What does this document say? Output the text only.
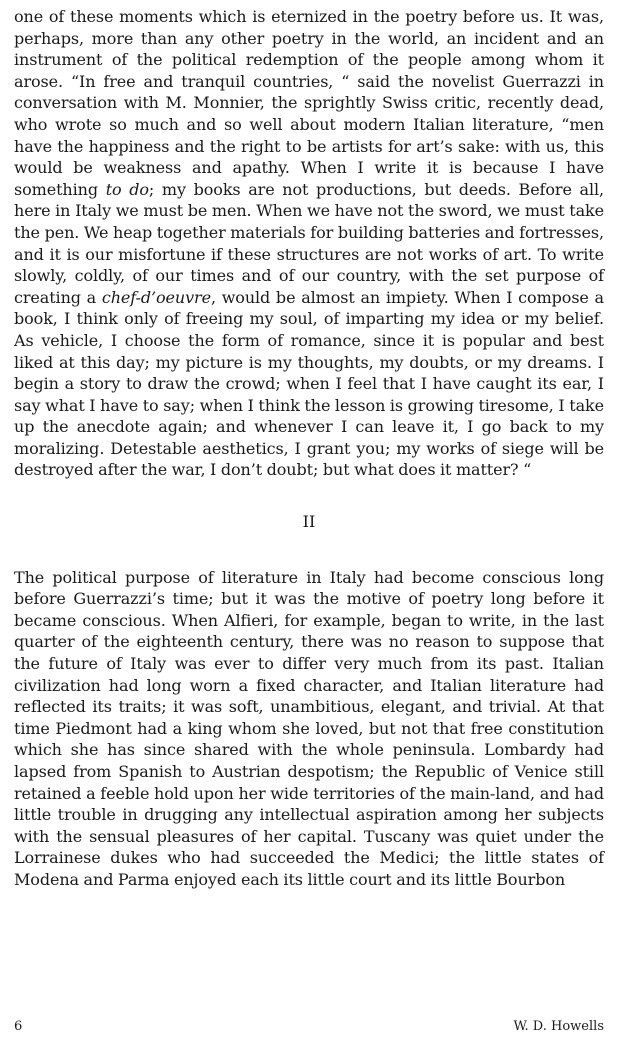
one of these moments which is eternized in the poetry before us. It was, perhaps, more than any other poetry in the world, an incident and an instrument of the political redemption of the people among whom it arose. “In free and tranquil countries, “ said the novelist Guerrazzi in conversation with M. Monnier, the sprightly Swiss critic, recently dead, who wrote so much and so well about modern Italian literature, “men have the happiness and the right to be artists for art’s sake: with us, this would be weakness and apathy. When I write it is because I have something to do; my books are not productions, but deeds. Before all, here in Italy we must be men. When we have not the sword, we must take the pen. We heap together materials for building batteries and fortresses, and it is our misfortune if these structures are not works of art. To write slowly, coldly, of our times and of our country, with the set purpose of creating a chef-d’oeuvre, would be almost an impiety. When I compose a book, I think only of freeing my soul, of imparting my idea or my belief. As vehicle, I choose the form of romance, since it is popular and best liked at this day; my picture is my thoughts, my doubts, or my dreams. I begin a story to draw the crowd; when I feel that I have caught its ear, I say what I have to say; when I think the lesson is growing tiresome, I take up the anecdote again; and whenever I can leave it, I go back to my moralizing. Detestable aesthetics, I grant you; my works of siege will be destroyed after the war, I don’t doubt; but what does it matter? “

II

The political purpose of literature in Italy had become conscious long before Guerrazzi’s time; but it was the motive of poetry long before it became conscious. When Alfieri, for example, began to write, in the last quarter of the eighteenth century, there was no reason to suppose that the future of Italy was ever to differ very much from its past. Italian civilization had long worn a fixed character, and Italian literature had reflected its traits; it was soft, unambitious, elegant, and trivial. At that time Piedmont had a king whom she loved, but not that free constitution which she has since shared with the whole peninsula. Lombardy had lapsed from Spanish to Austrian despotism; the Republic of Venice still retained a feeble hold upon her wide territories of the main-land, and had little trouble in drugging any intellectual aspiration among her subjects with the sensual pleasures of her capital. Tuscany was quiet under the Lorrainese dukes who had succeeded the Medici; the little states of Modena and Parma enjoyed each its little court and its little Bourbon

6	W. D. Howells
